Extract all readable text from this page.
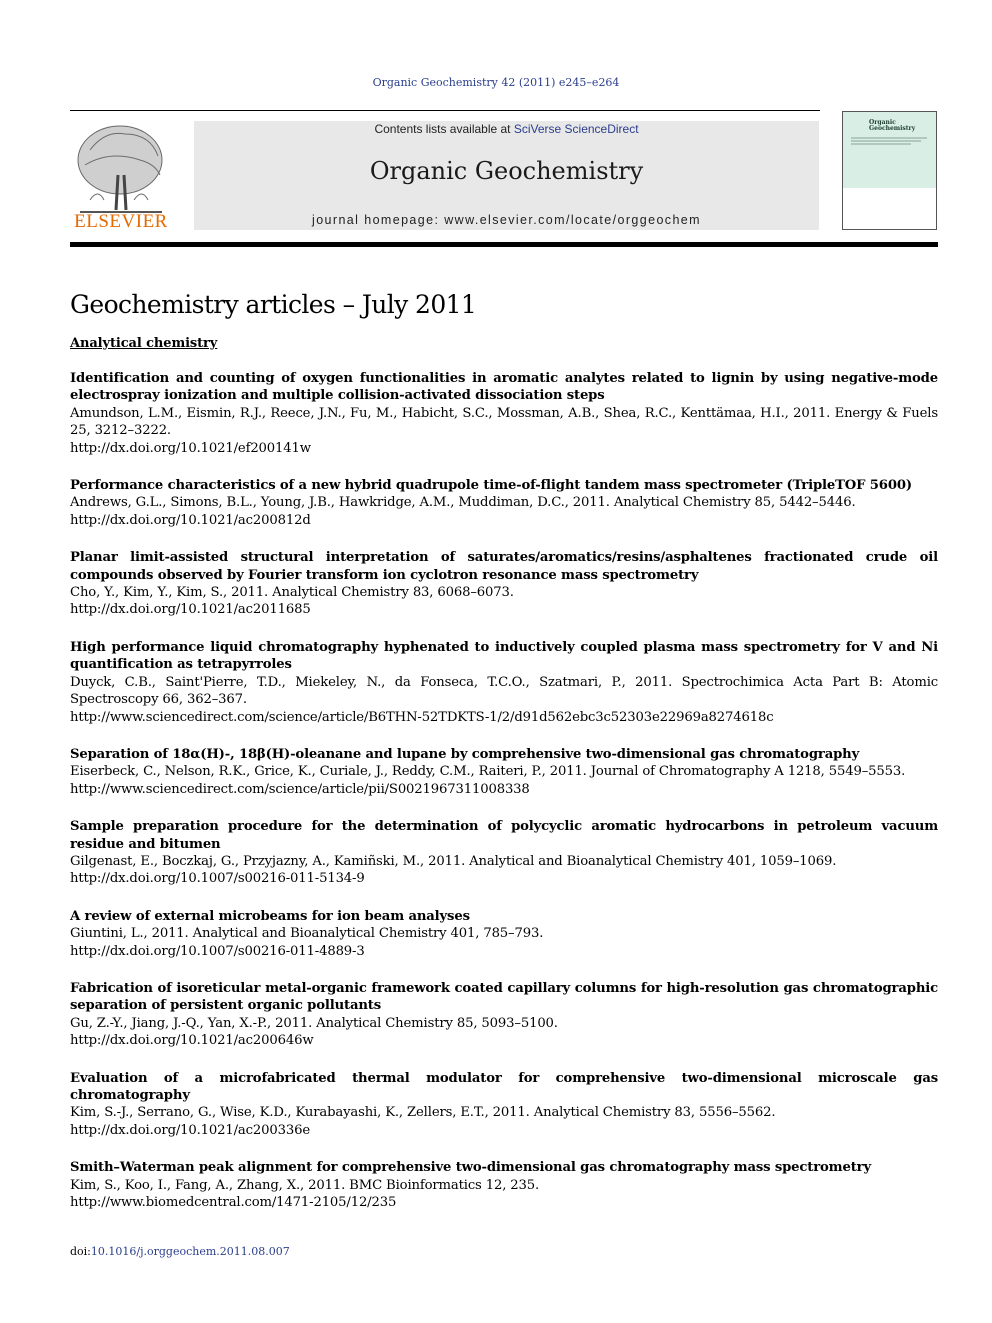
Organic Geochemistry 42 (2011) e245–e264
ELSEVIER
Contents lists available at SciVerse ScienceDirect
Organic Geochemistry
journal homepage: www.elsevier.com/locate/orggeochem
Organic Geochemistry
Geochemistry articles – July 2011
Analytical chemistry
Identification and counting of oxygen functionalities in aromatic analytes related to lignin by using negative-mode electrospray ionization and multiple collision-activated dissociation steps
Amundson, L.M., Eismin, R.J., Reece, J.N., Fu, M., Habicht, S.C., Mossman, A.B., Shea, R.C., Kenttämaa, H.I., 2011. Energy & Fuels 25, 3212–3222.
http://dx.doi.org/10.1021/ef200141w
Performance characteristics of a new hybrid quadrupole time-of-flight tandem mass spectrometer (TripleTOF 5600)
Andrews, G.L., Simons, B.L., Young, J.B., Hawkridge, A.M., Muddiman, D.C., 2011. Analytical Chemistry 85, 5442–5446.
http://dx.doi.org/10.1021/ac200812d
Planar limit-assisted structural interpretation of saturates/aromatics/resins/asphaltenes fractionated crude oil compounds observed by Fourier transform ion cyclotron resonance mass spectrometry
Cho, Y., Kim, Y., Kim, S., 2011. Analytical Chemistry 83, 6068–6073.
http://dx.doi.org/10.1021/ac2011685
High performance liquid chromatography hyphenated to inductively coupled plasma mass spectrometry for V and Ni quantification as tetrapyrroles
Duyck, C.B., Saint'Pierre, T.D., Miekeley, N., da Fonseca, T.C.O., Szatmari, P., 2011. Spectrochimica Acta Part B: Atomic Spectroscopy 66, 362–367.
http://www.sciencedirect.com/science/article/B6THN-52TDKTS-1/2/d91d562ebc3c52303e22969a8274618c
Separation of 18α(H)-, 18β(H)-oleanane and lupane by comprehensive two-dimensional gas chromatography
Eiserbeck, C., Nelson, R.K., Grice, K., Curiale, J., Reddy, C.M., Raiteri, P., 2011. Journal of Chromatography A 1218, 5549–5553.
http://www.sciencedirect.com/science/article/pii/S0021967311008338
Sample preparation procedure for the determination of polycyclic aromatic hydrocarbons in petroleum vacuum residue and bitumen
Gilgenast, E., Boczkaj, G., Przyjazny, A., Kamiñski, M., 2011. Analytical and Bioanalytical Chemistry 401, 1059–1069.
http://dx.doi.org/10.1007/s00216-011-5134-9
A review of external microbeams for ion beam analyses
Giuntini, L., 2011. Analytical and Bioanalytical Chemistry 401, 785–793.
http://dx.doi.org/10.1007/s00216-011-4889-3
Fabrication of isoreticular metal-organic framework coated capillary columns for high-resolution gas chromatographic separation of persistent organic pollutants
Gu, Z.-Y., Jiang, J.-Q., Yan, X.-P., 2011. Analytical Chemistry 85, 5093–5100.
http://dx.doi.org/10.1021/ac200646w
Evaluation of a microfabricated thermal modulator for comprehensive two-dimensional microscale gas chromatography
Kim, S.-J., Serrano, G., Wise, K.D., Kurabayashi, K., Zellers, E.T., 2011. Analytical Chemistry 83, 5556–5562.
http://dx.doi.org/10.1021/ac200336e
Smith–Waterman peak alignment for comprehensive two-dimensional gas chromatography mass spectrometry
Kim, S., Koo, I., Fang, A., Zhang, X., 2011. BMC Bioinformatics 12, 235.
http://www.biomedcentral.com/1471-2105/12/235
doi:10.1016/j.orggeochem.2011.08.007
